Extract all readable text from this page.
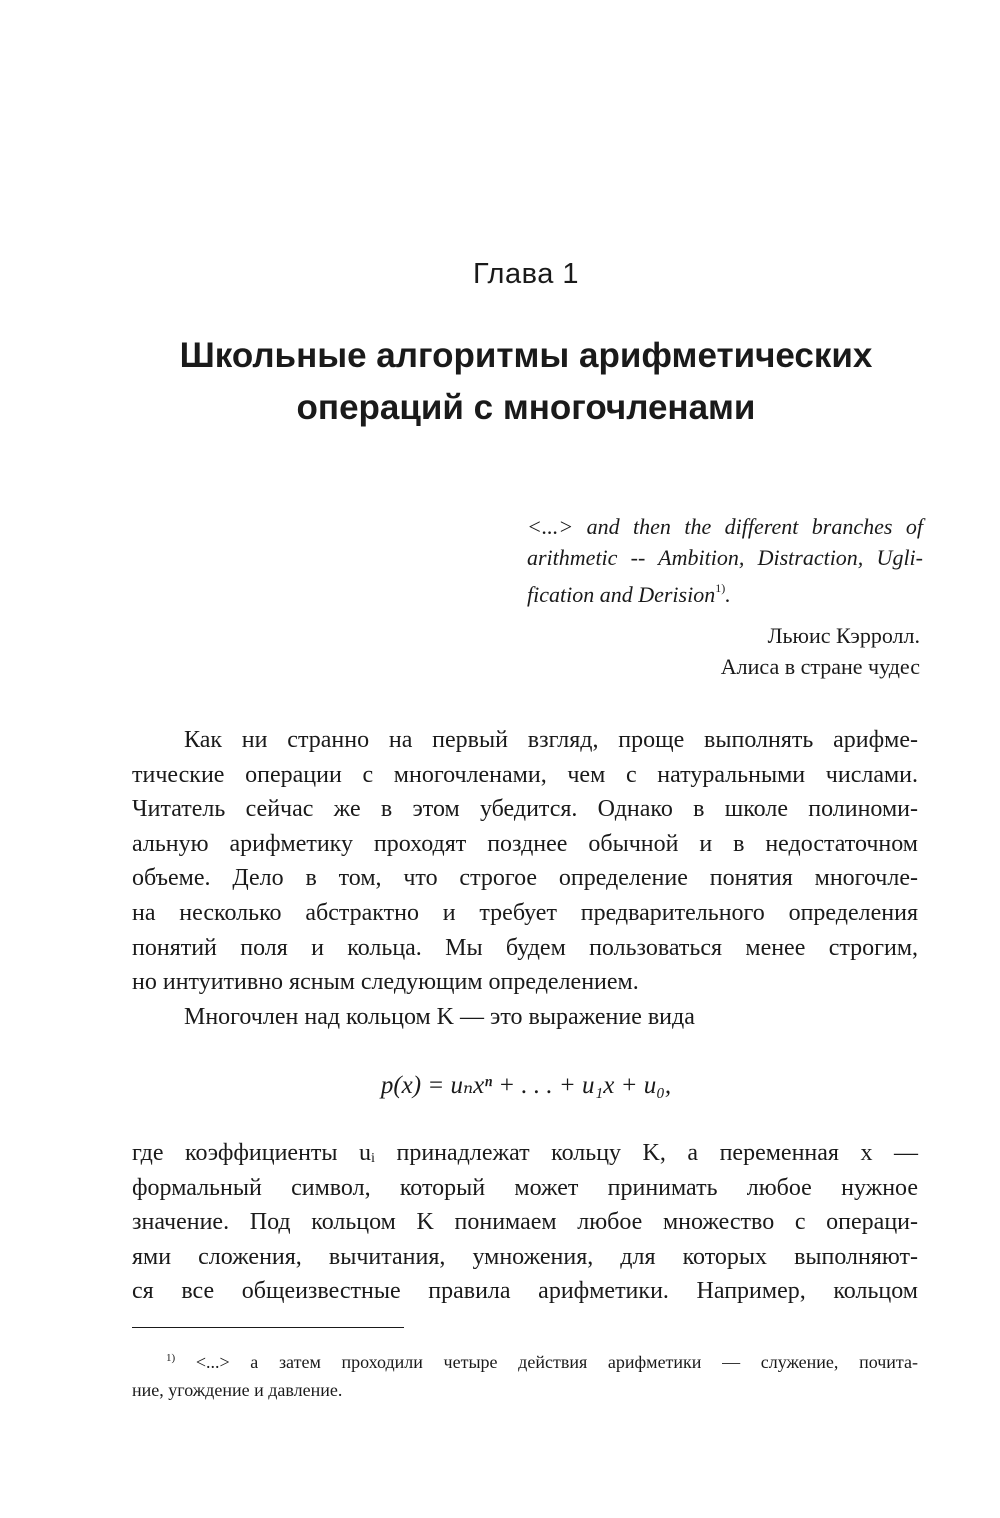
Глава 1
Школьные алгоритмы арифметических
операций с многочленами
<...> and then the different branches of
arithmetic -- Ambition, Distraction, Ugli-
fication and Derision$^{1)}$.
Льюис Кэрролл.
Алиса в стране чудес
Как ни странно на первый взгляд, проще выполнять арифме-
тические операции с многочленами, чем с натуральными числами.
Читатель сейчас же в этом убедится. Однако в школе полиноми-
альную арифметику проходят позднее обычной и в недостаточном
объеме. Дело в том, что строгое определение понятия многочле-
на несколько абстрактно и требует предварительного определения
понятий поля и кольца. Мы будем пользоваться менее строгим,
но интуитивно ясным следующим определением.
Многочлен над кольцом K — это выражение вида
p(x) = uₙxⁿ + . . . + u₁x + u₀,
где коэффициенты uᵢ принадлежат кольцу K, а переменная x —
формальный символ, который может принимать любое нужное
значение. Под кольцом K понимаем любое множество с операци-
ями сложения, вычитания, умножения, для которых выполняют-
ся все общеизвестные правила арифметики. Например, кольцом
$^{1)}$ <...> а затем проходили четыре действия арифметики — служение, почита-
ние, угождение и давление.
